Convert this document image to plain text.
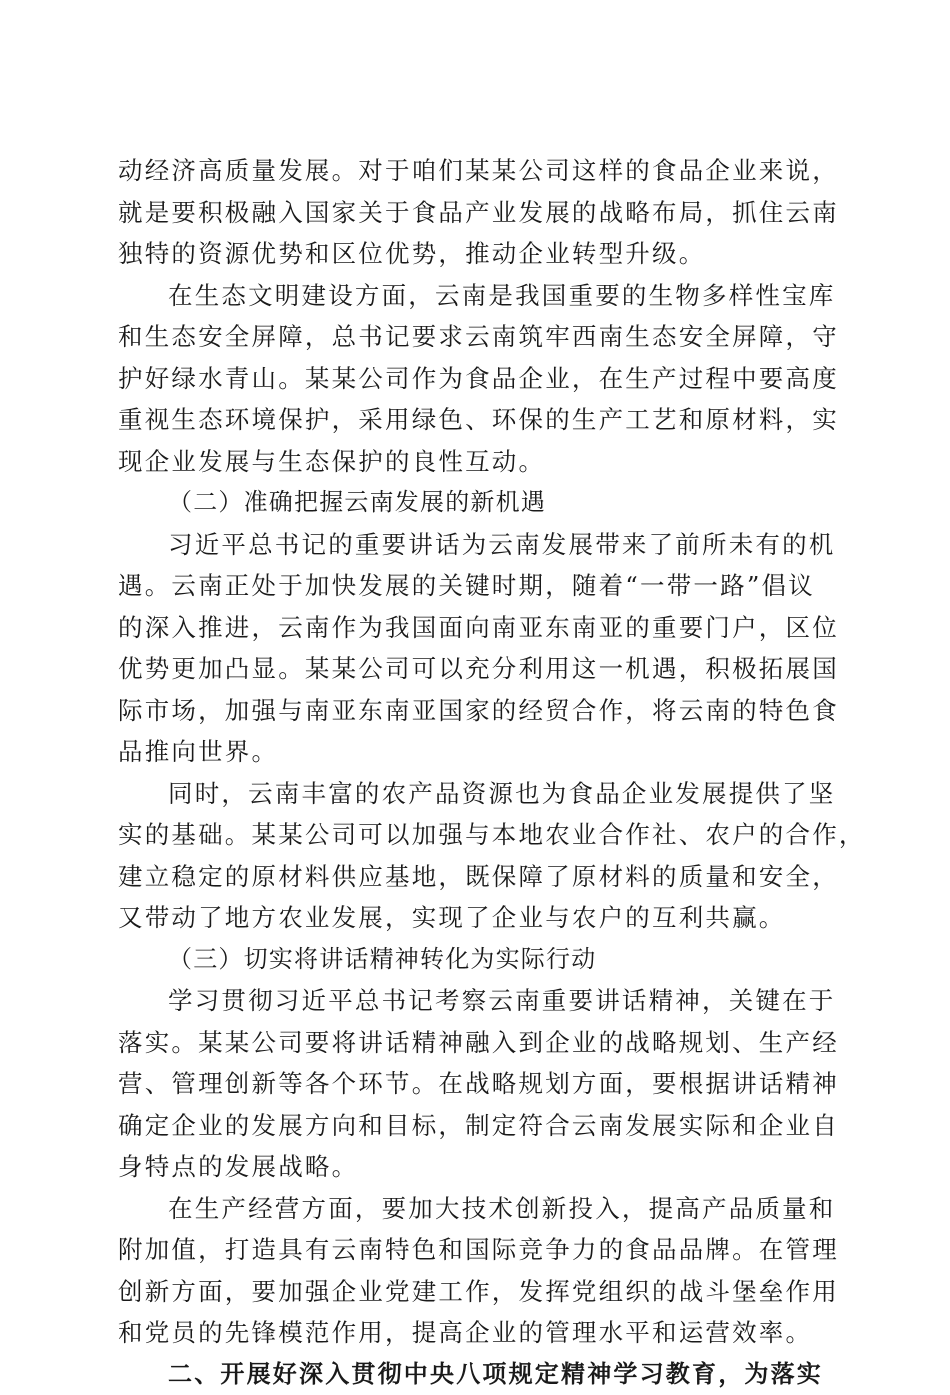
动经济高质量发展。对于咱们某某公司这样的食品企业来说，
就是要积极融入国家关于食品产业发展的战略布局，抓住云南
独特的资源优势和区位优势，推动企业转型升级。
在生态文明建设方面，云南是我国重要的生物多样性宝库
和生态安全屏障，总书记要求云南筑牢西南生态安全屏障，守
护好绿水青山。某某公司作为食品企业，在生产过程中要高度
重视生态环境保护，采用绿色、环保的生产工艺和原材料，实
现企业发展与生态保护的良性互动。
（二）准确把握云南发展的新机遇
习近平总书记的重要讲话为云南发展带来了前所未有的机
遇。云南正处于加快发展的关键时期，随着“一带一路”倡议
的深入推进，云南作为我国面向南亚东南亚的重要门户，区位
优势更加凸显。某某公司可以充分利用这一机遇，积极拓展国
际市场，加强与南亚东南亚国家的经贸合作，将云南的特色食
品推向世界。
同时，云南丰富的农产品资源也为食品企业发展提供了坚
实的基础。某某公司可以加强与本地农业合作社、农户的合作，
建立稳定的原材料供应基地，既保障了原材料的质量和安全，
又带动了地方农业发展，实现了企业与农户的互利共赢。
（三）切实将讲话精神转化为实际行动
学习贯彻习近平总书记考察云南重要讲话精神，关键在于
落实。某某公司要将讲话精神融入到企业的战略规划、生产经
营、管理创新等各个环节。在战略规划方面，要根据讲话精神
确定企业的发展方向和目标，制定符合云南发展实际和企业自
身特点的发展战略。
在生产经营方面，要加大技术创新投入，提高产品质量和
附加值，打造具有云南特色和国际竞争力的食品品牌。在管理
创新方面，要加强企业党建工作，发挥党组织的战斗堡垒作用
和党员的先锋模范作用，提高企业的管理水平和运营效率。
二、开展好深入贯彻中央八项规定精神学习教育，为落实
